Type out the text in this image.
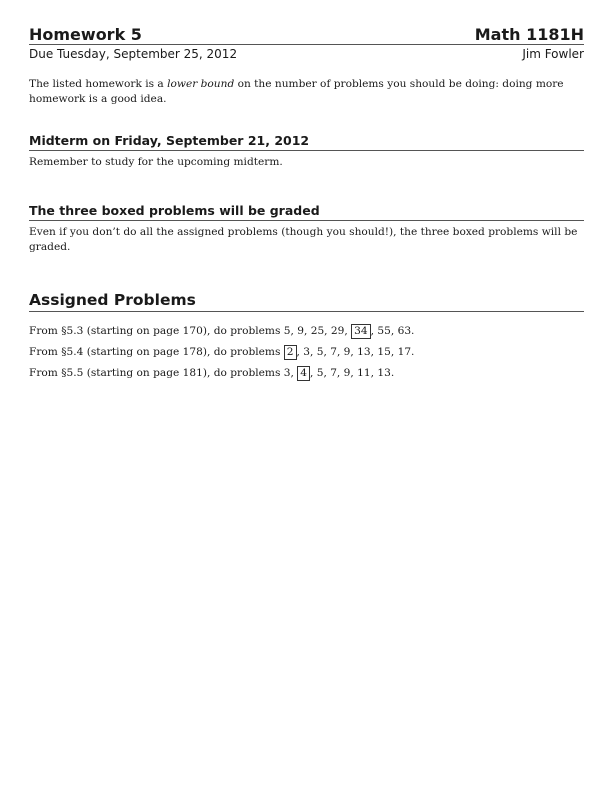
Homework 5	Math 1181H
Due Tuesday, September 25, 2012	Jim Fowler
The listed homework is a lower bound on the number of problems you should be doing: doing more homework is a good idea.
Midterm on Friday, September 21, 2012
Remember to study for the upcoming midterm.
The three boxed problems will be graded
Even if you don’t do all the assigned problems (though you should!), the three boxed problems will be graded.
Assigned Problems
From §5.3 (starting on page 170), do problems 5, 9, 25, 29, 34 , 55, 63.
From §5.4 (starting on page 178), do problems 2 , 3, 5, 7, 9, 13, 15, 17.
From §5.5 (starting on page 181), do problems 3, 4 , 5, 7, 9, 11, 13.
